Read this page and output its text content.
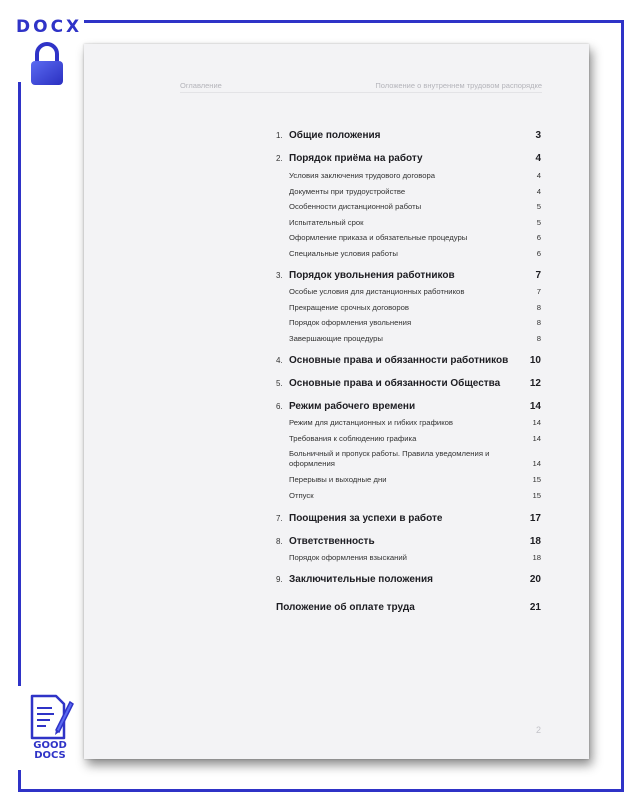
DOCX
GOOD
DOCS
Оглавление	Положение о внутреннем трудовом распорядке
1. Общие положения	3
2. Порядок приёма на работу	4
Условия заключения трудового договора	4
Документы при трудоустройстве	4
Особенности дистанционной работы	5
Испытательный срок	5
Оформление приказа и обязательные процедуры	6
Специальные условия работы	6
3. Порядок увольнения работников	7
Особые условия для дистанционных работников	7
Прекращение срочных договоров	8
Порядок оформления увольнения	8
Завершающие процедуры	8
4. Основные права и обязанности работников 10
5. Основные права и обязанности Общества	12
6. Режим рабочего времени	14
Режим для дистанционных и гибких графиков	14
Требования к соблюдению графика	14
Больничный и пропуск работы. Правила уведомления и оформления	14
Перерывы и выходные дни	15
Отпуск	15
7. Поощрения за успехи в работе	17
8. Ответственность	18
Порядок оформления взысканий	18
9. Заключительные положения	20
Положение об оплате труда	21
2
